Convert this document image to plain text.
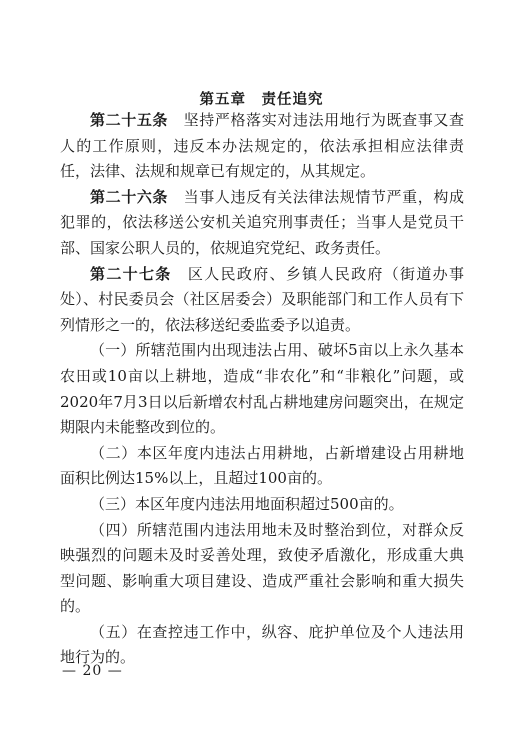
第五章　责任追究

第二十五条　 坚持严格落实对违法用地行为既查事又查人的工作原则，违反本办法规定的，依法承担相应法律责任，法律、法规和规章已有规定的，从其规定。

第二十六条　 当事人违反有关法律法规情节严重，构成犯罪的，依法移送公安机关追究刑事责任；当事人是党员干部、国家公职人员的，依规追究党纪、政务责任。

第二十七条　 区人民政府、乡镇人民政府（街道办事处）、村民委员会（社区居委会）及职能部门和工作人员有下列情形之一的，依法移送纪委监委予以追责。

（一）所辖范围内出现违法占用、破坏5亩以上永久基本农田或10亩以上耕地，造成“非农化”和“非粮化”问题，或2020年7月3日以后新增农村乱占耕地建房问题突出，在规定期限内未能整改到位的。

（二）本区年度内违法占用耕地，占新增建设占用耕地面积比例达15%以上，且超过100亩的。

（三）本区年度内违法用地面积超过500亩的。

（四）所辖范围内违法用地未及时整治到位，对群众反映强烈的问题未及时妥善处理，致使矛盾激化，形成重大典型问题、影响重大项目建设、造成严重社会影响和重大损失的。

（五）在查控违工作中，纵容、庇护单位及个人违法用地行为的。

— 20 —
